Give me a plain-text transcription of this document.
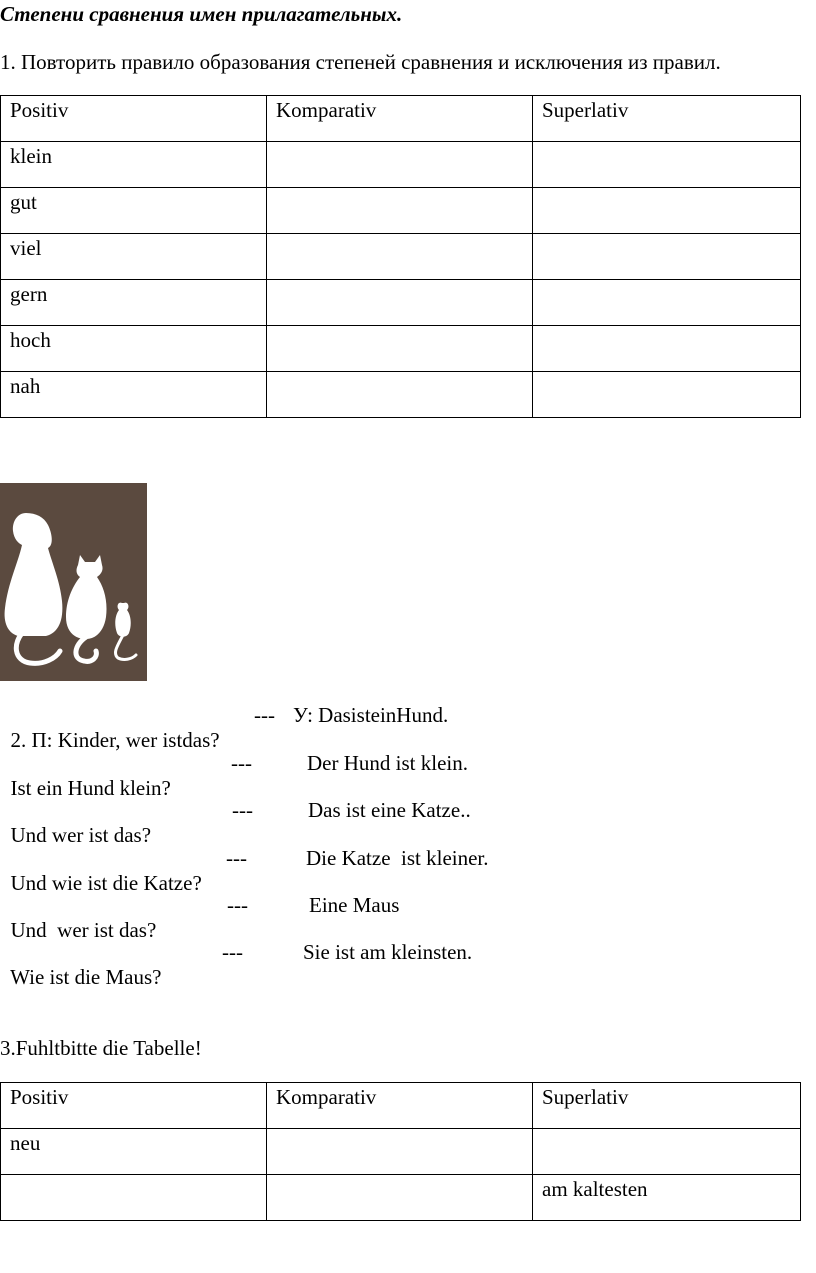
Степени сравнения имен прилагательных.
1. Повторить правило образования степеней сравнения и исключения из правил.
Positiv	Komparativ	Superlativ
klein		
gut		
viel		
gern		
hoch		
nah		

2. П: Kinder, wer istdas?
--- У: DasisteinHund.

Ist ein Hund klein?
---	Der Hund ist klein.

Und wer ist das?
---	Das ist eine Katze..

Und wie ist die Katze?
---	Die Katze  ist kleiner.

Und  wer ist das?
---	Eine Maus

Wie ist die Maus?
---	Sie ist am kleinsten.

3.Fuhltbitte die Tabelle!
Positiv	Komparativ	Superlativ
neu		
		am kaltesten
